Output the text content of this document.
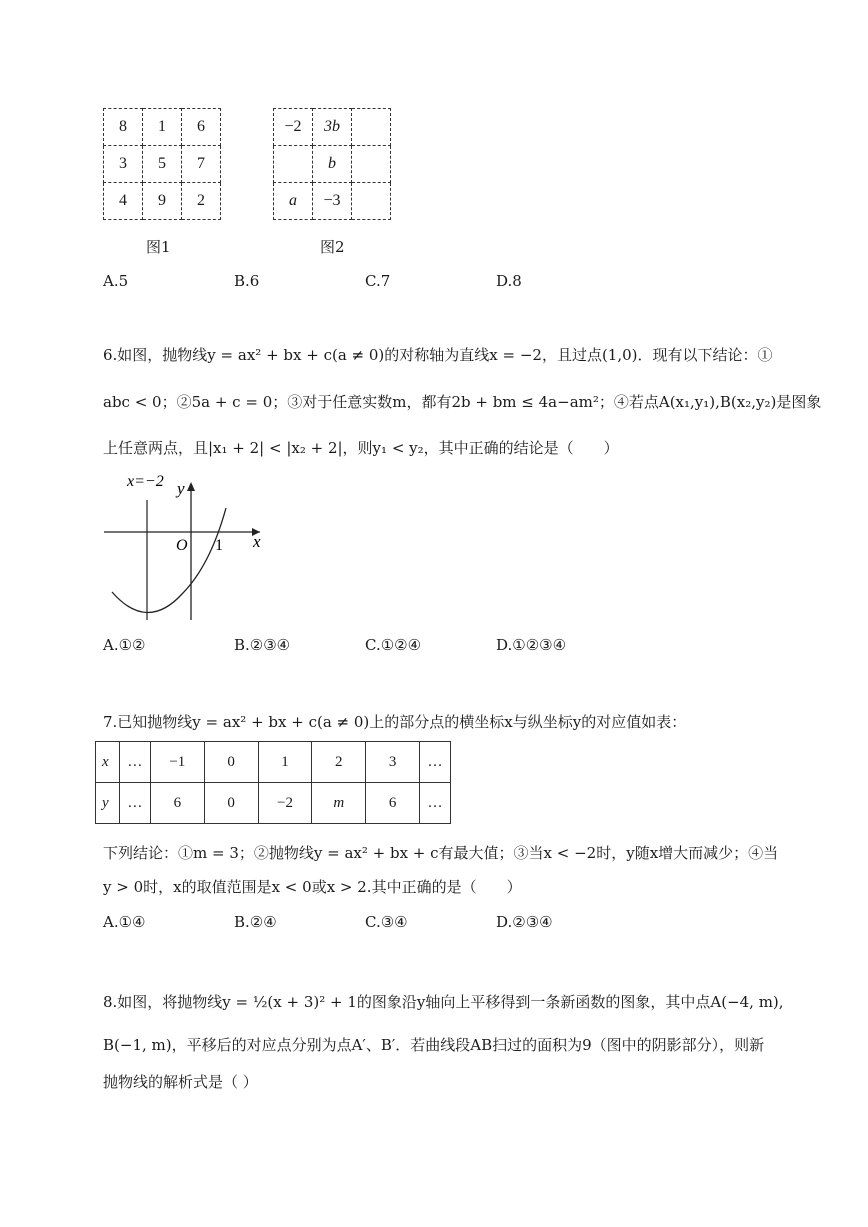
8	1	6
3	5	7
4	9	2
图1
−2	3b	
	b	
a	−3	
图2
A.5	B.6	C.7	D.8
6.如图，抛物线y = ax² + bx + c(a ≠ 0)的对称轴为直线x = −2，且过点(1,0)．现有以下结论：①
abc < 0；②5a + c = 0；③对于任意实数m，都有2b + bm ≤ 4a−am²；④若点A(x₁,y₁),B(x₂,y₂)是图象
上任意两点，且|x₁ + 2| < |x₂ + 2|，则y₁ < y₂，其中正确的结论是（　　）
x=−2 y
x
O 1
A.①②	B.②③④	C.①②④	D.①②③④
7.已知抛物线y = ax² + bx + c(a ≠ 0)上的部分点的横坐标x与纵坐标y的对应值如表：
x	…	−1	0	1	2	3	…
y	…	6	0	−2	m	6	…
下列结论：①m = 3；②抛物线y = ax² + bx + c有最大值；③当x < −2时，y随x增大而减少；④当
y > 0时，x的取值范围是x < 0或x > 2.其中正确的是（　　）
A.①④	B.②④	C.③④	D.②③④
8.如图，将抛物线y = ½(x + 3)² + 1的图象沿y轴向上平移得到一条新函数的图象，其中点A(−4, m),
B(−1, m)，平移后的对应点分别为点A′、B′．若曲线段AB扫过的面积为9（图中的阴影部分），则新
抛物线的解析式是（ ）
